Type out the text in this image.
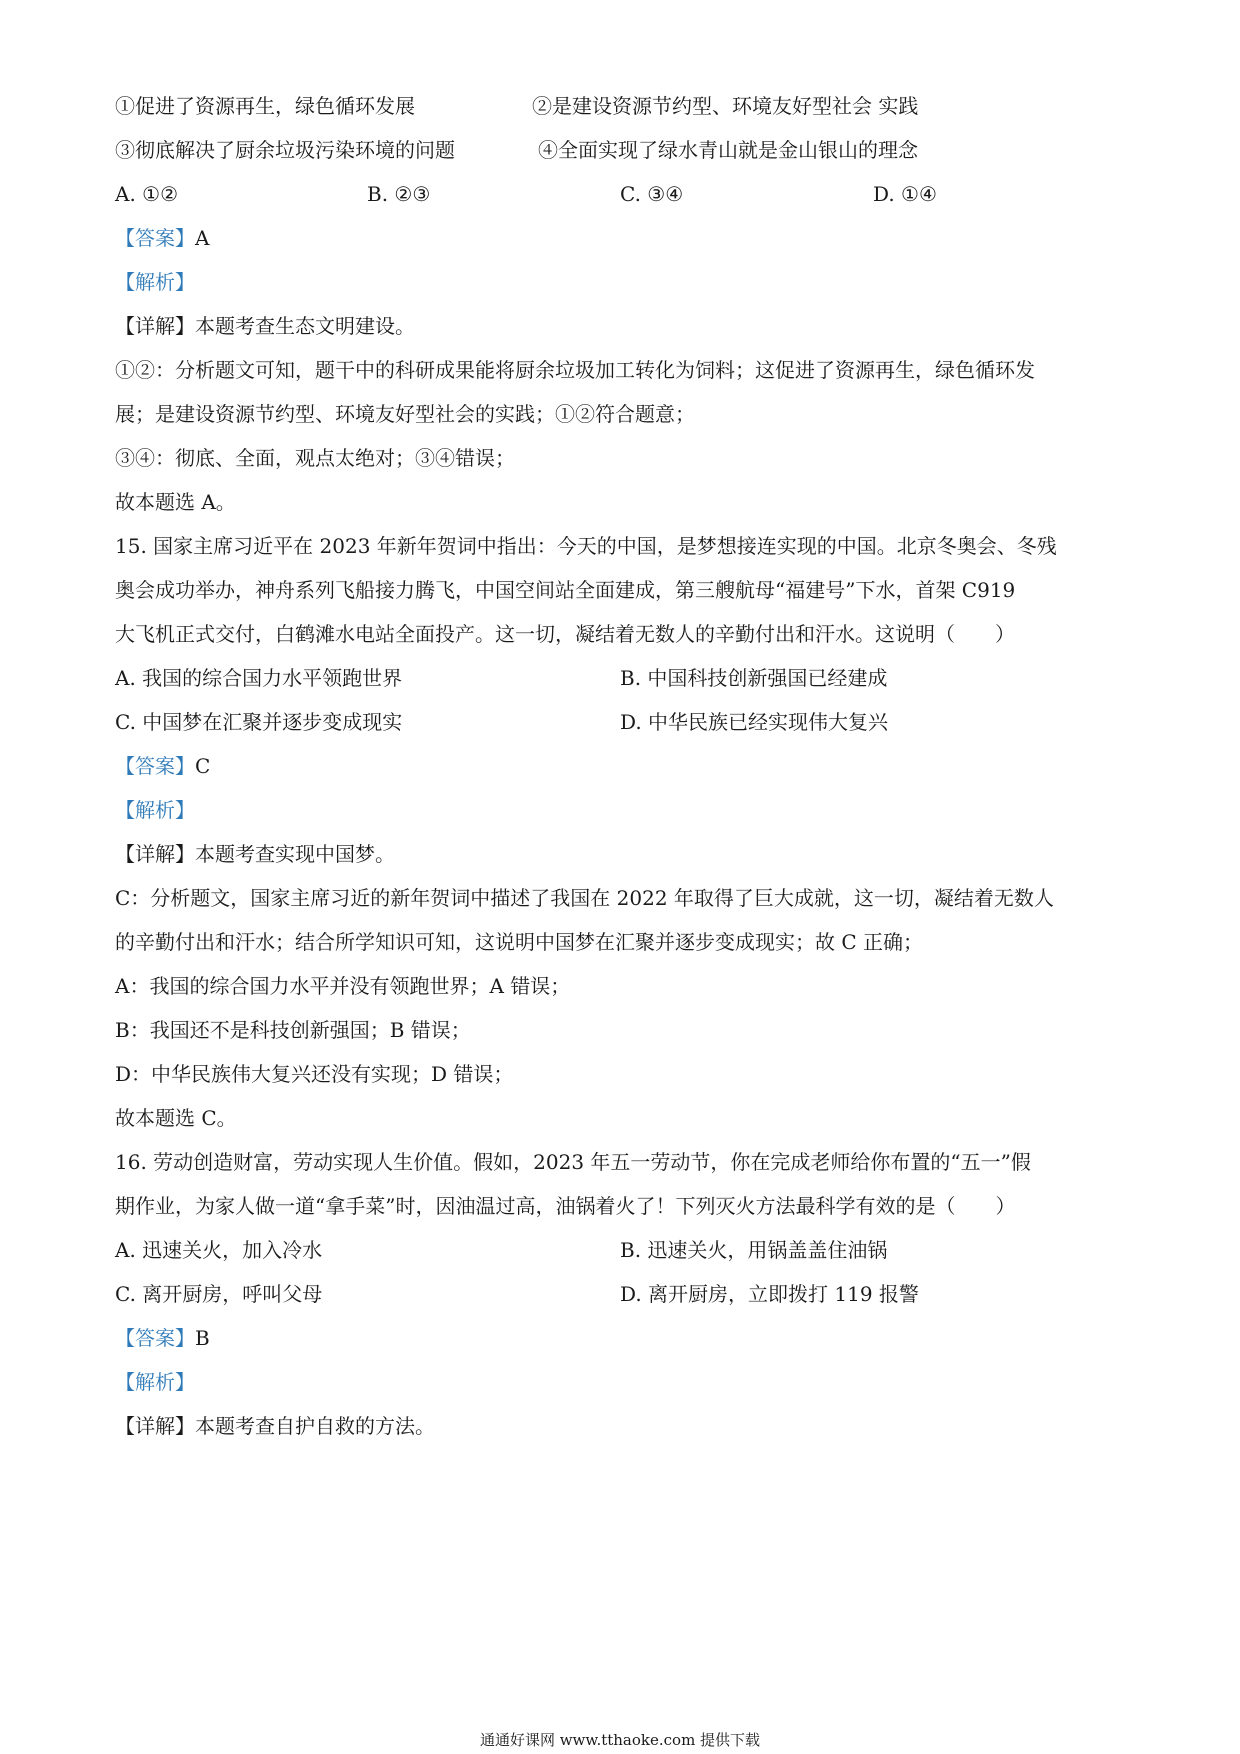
①促进了资源再生，绿色循环发展	②是建设资源节约型、环境友好型社会 实践
③彻底解决了厨余垃圾污染环境的问题	④全面实现了绿水青山就是金山银山的理念
A. ①②	B. ②③	C. ③④	D. ①④
【答案】A
【解析】
【详解】本题考查生态文明建设。
①②：分析题文可知，题干中的科研成果能将厨余垃圾加工转化为饲料；这促进了资源再生，绿色循环发
展；是建设资源节约型、环境友好型社会的实践；①②符合题意；
③④：彻底、全面，观点太绝对；③④错误；
故本题选 A。
15. 国家主席习近平在 2023 年新年贺词中指出：今天的中国，是梦想接连实现的中国。北京冬奥会、冬残
奥会成功举办，神舟系列飞船接力腾飞，中国空间站全面建成，第三艘航母“福建号”下水，首架 C919
大飞机正式交付，白鹤滩水电站全面投产。这一切，凝结着无数人的辛勤付出和汗水。这说明（　　）
A. 我国的综合国力水平领跑世界	B. 中国科技创新强国已经建成
C. 中国梦在汇聚并逐步变成现实	D. 中华民族已经实现伟大复兴
【答案】C
【解析】
【详解】本题考查实现中国梦。
C：分析题文，国家主席习近的新年贺词中描述了我国在 2022 年取得了巨大成就，这一切，凝结着无数人
的辛勤付出和汗水；结合所学知识可知，这说明中国梦在汇聚并逐步变成现实；故 C 正确；
A：我国的综合国力水平并没有领跑世界；A 错误；
B：我国还不是科技创新强国；B 错误；
D：中华民族伟大复兴还没有实现；D 错误；
故本题选 C。
16. 劳动创造财富，劳动实现人生价值。假如，2023 年五一劳动节，你在完成老师给你布置的“五一”假
期作业，为家人做一道“拿手菜”时，因油温过高，油锅着火了！下列灭火方法最科学有效的是（　　）
A. 迅速关火，加入冷水	B. 迅速关火，用锅盖盖住油锅
C. 离开厨房，呼叫父母	D. 离开厨房，立即拨打 119 报警
【答案】B
【解析】
【详解】本题考查自护自救的方法。
通通好课网 www.tthaoke.com 提供下载
